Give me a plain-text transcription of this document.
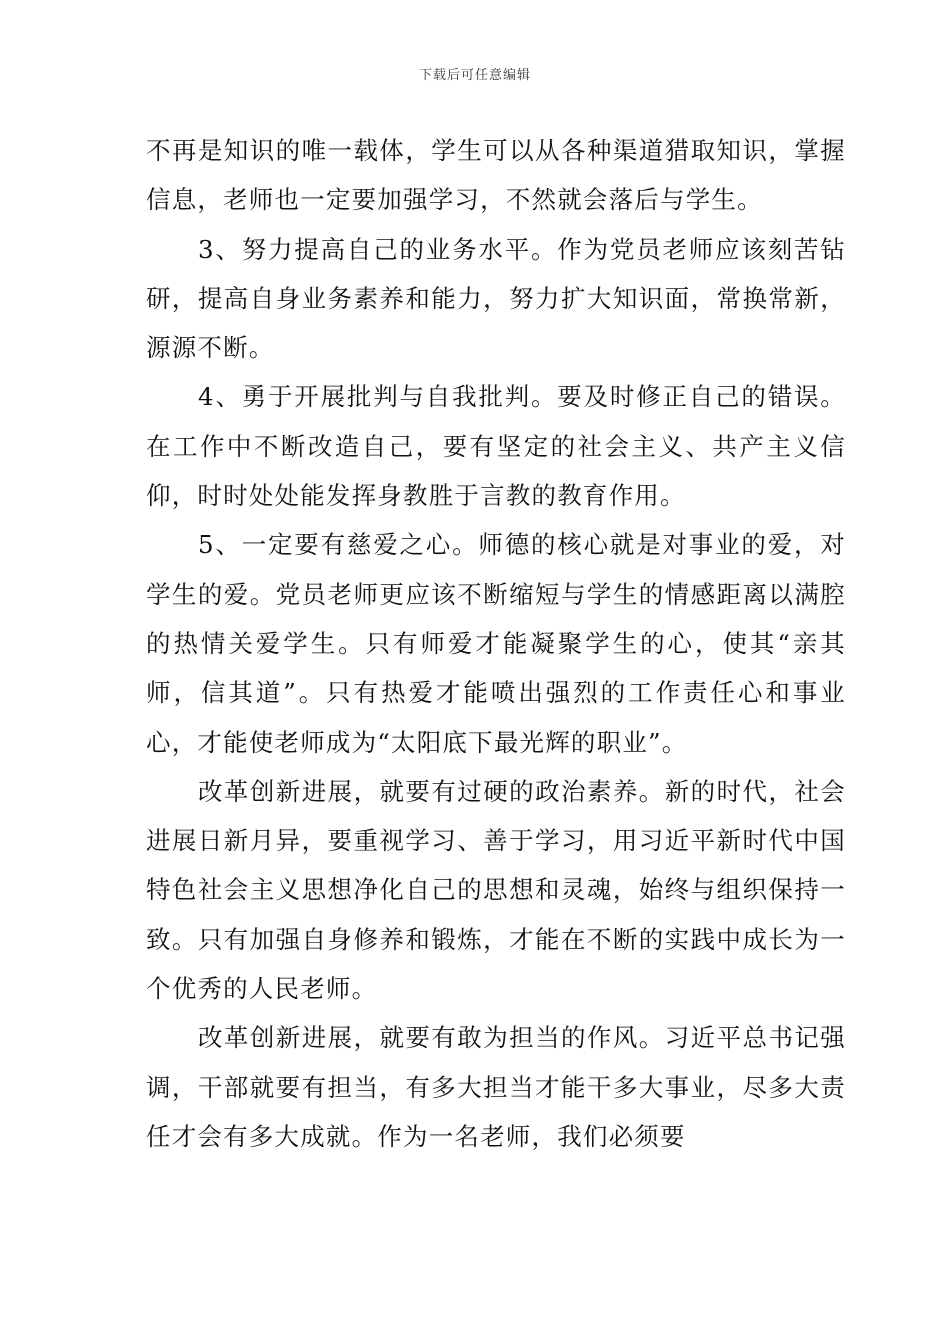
下载后可任意编辑

不再是知识的唯一载体，学生可以从各种渠道猎取知识，掌握信息，老师也一定要加强学习，不然就会落后与学生。

3、努力提高自己的业务水平。作为党员老师应该刻苦钻研，提高自身业务素养和能力，努力扩大知识面，常换常新，源源不断。

4、勇于开展批判与自我批判。要及时修正自己的错误。在工作中不断改造自己，要有坚定的社会主义、共产主义信仰，时时处处能发挥身教胜于言教的教育作用。

5、一定要有慈爱之心。师德的核心就是对事业的爱，对学生的爱。党员老师更应该不断缩短与学生的情感距离以满腔的热情关爱学生。只有师爱才能凝聚学生的心，使其“亲其师，信其道”。只有热爱才能喷出强烈的工作责任心和事业心，才能使老师成为“太阳底下最光辉的职业”。

改革创新进展，就要有过硬的政治素养。新的时代，社会进展日新月异，要重视学习、善于学习，用习近平新时代中国特色社会主义思想净化自己的思想和灵魂，始终与组织保持一致。只有加强自身修养和锻炼，才能在不断的实践中成长为一个优秀的人民老师。

改革创新进展，就要有敢为担当的作风。习近平总书记强调，干部就要有担当，有多大担当才能干多大事业，尽多大责任才会有多大成就。作为一名老师，我们必须要
